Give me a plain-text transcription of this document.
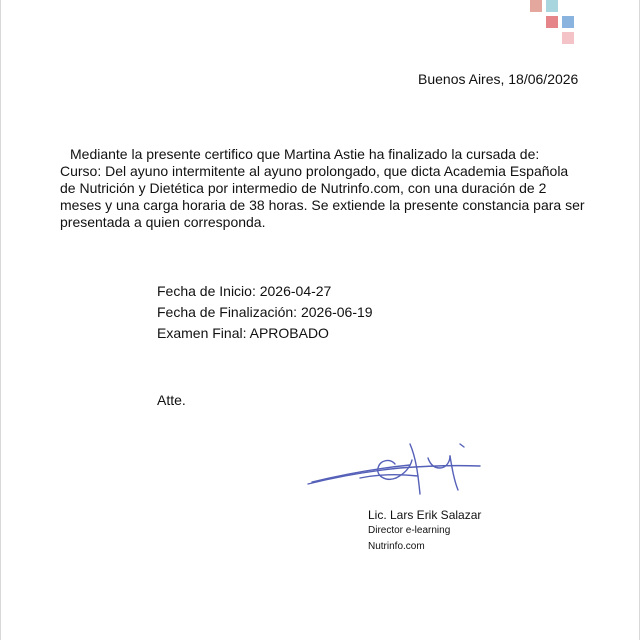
Buenos Aires, 18/06/2026
Mediante la presente certifico que Martina Astie ha finalizado la cursada de:
Curso: Del ayuno intermitente al ayuno prolongado, que dicta Academia Española
de Nutrición y Dietética por intermedio de Nutrinfo.com, con una duración de 2
meses y una carga horaria de 38 horas. Se extiende la presente constancia para ser
presentada a quien corresponda.
Fecha de Inicio: 2026-04-27
Fecha de Finalización: 2026-06-19
Examen Final: APROBADO
Atte.
Lic. Lars Erik Salazar
Director e-learning
Nutrinfo.com
